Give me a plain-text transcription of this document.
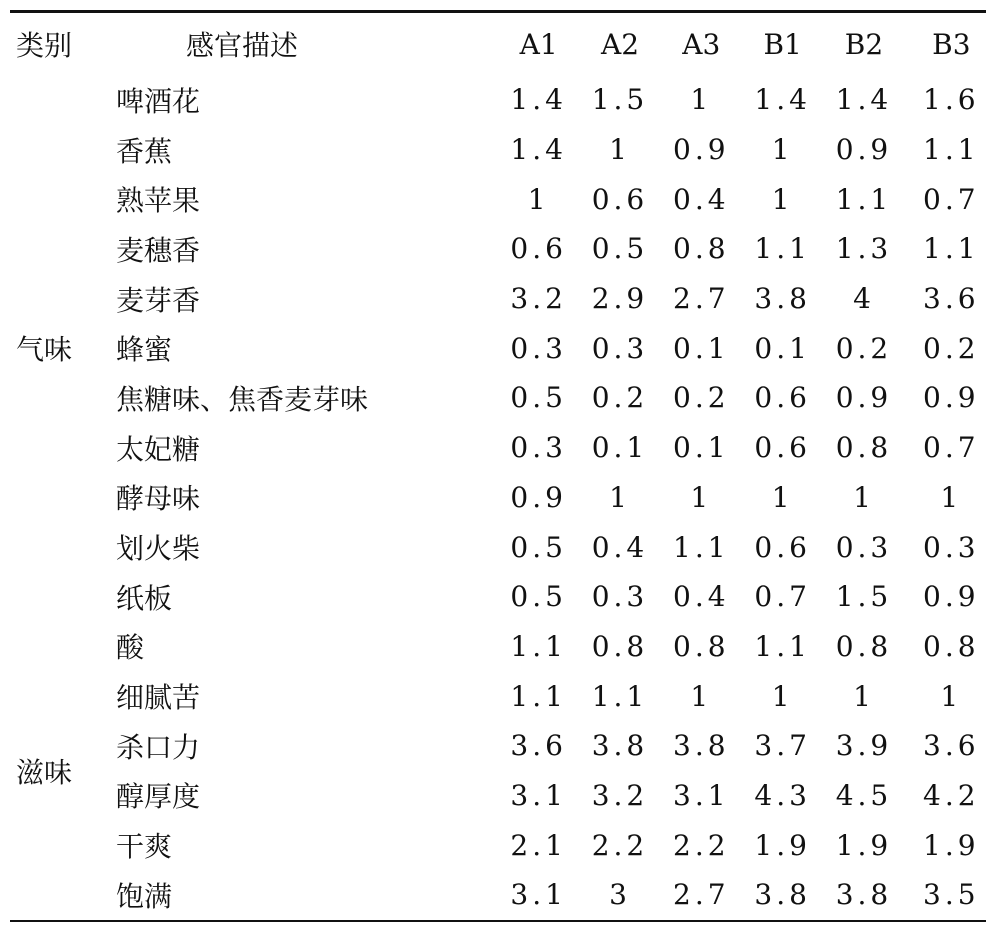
类别	感官描述	A1	A2	A3	B1	B2	B3
气味	啤酒花	1.4	1.5	1	1.4	1.4	1.6
	香蕉	1.4	1	0.9	1	0.9	1.1
	熟苹果	1	0.6	0.4	1	1.1	0.7
	麦穗香	0.6	0.5	0.8	1.1	1.3	1.1
	麦芽香	3.2	2.9	2.7	3.8	4	3.6
	蜂蜜	0.3	0.3	0.1	0.1	0.2	0.2
	焦糖味、焦香麦芽味	0.5	0.2	0.2	0.6	0.9	0.9
	太妃糖	0.3	0.1	0.1	0.6	0.8	0.7
	酵母味	0.9	1	1	1	1	1
	划火柴	0.5	0.4	1.1	0.6	0.3	0.3
	纸板	0.5	0.3	0.4	0.7	1.5	0.9
滋味	酸	1.1	0.8	0.8	1.1	0.8	0.8
	细腻苦	1.1	1.1	1	1	1	1
	杀口力	3.6	3.8	3.8	3.7	3.9	3.6
	醇厚度	3.1	3.2	3.1	4.3	4.5	4.2
	干爽	2.1	2.2	2.2	1.9	1.9	1.9
	饱满	3.1	3	2.7	3.8	3.8	3.5
